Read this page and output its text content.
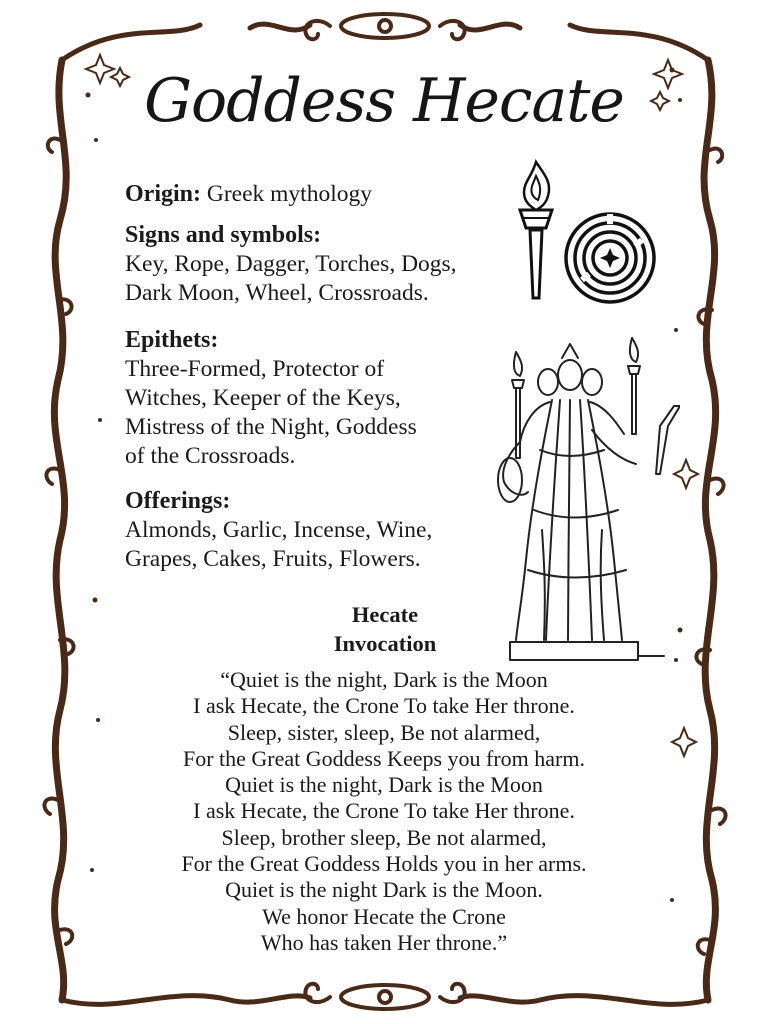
Goddess Hecate
Origin: Greek mythology
Signs and symbols:
Key, Rope, Dagger, Torches, Dogs,
Dark Moon, Wheel, Crossroads.
Epithets:
Three-Formed, Protector of
Witches, Keeper of the Keys,
Mistress of the Night, Goddess
of the Crossroads.
Offerings:
Almonds, Garlic, Incense, Wine,
Grapes, Cakes, Fruits, Flowers.
Hecate
Invocation
“Quiet is the night, Dark is the Moon
I ask Hecate, the Crone To take Her throne.
Sleep, sister, sleep, Be not alarmed,
For the Great Goddess Keeps you from harm.
Quiet is the night, Dark is the Moon
I ask Hecate, the Crone To take Her throne.
Sleep, brother sleep, Be not alarmed,
For the Great Goddess Holds you in her arms.
Quiet is the night Dark is the Moon.
We honor Hecate the Crone
Who has taken Her throne.”
